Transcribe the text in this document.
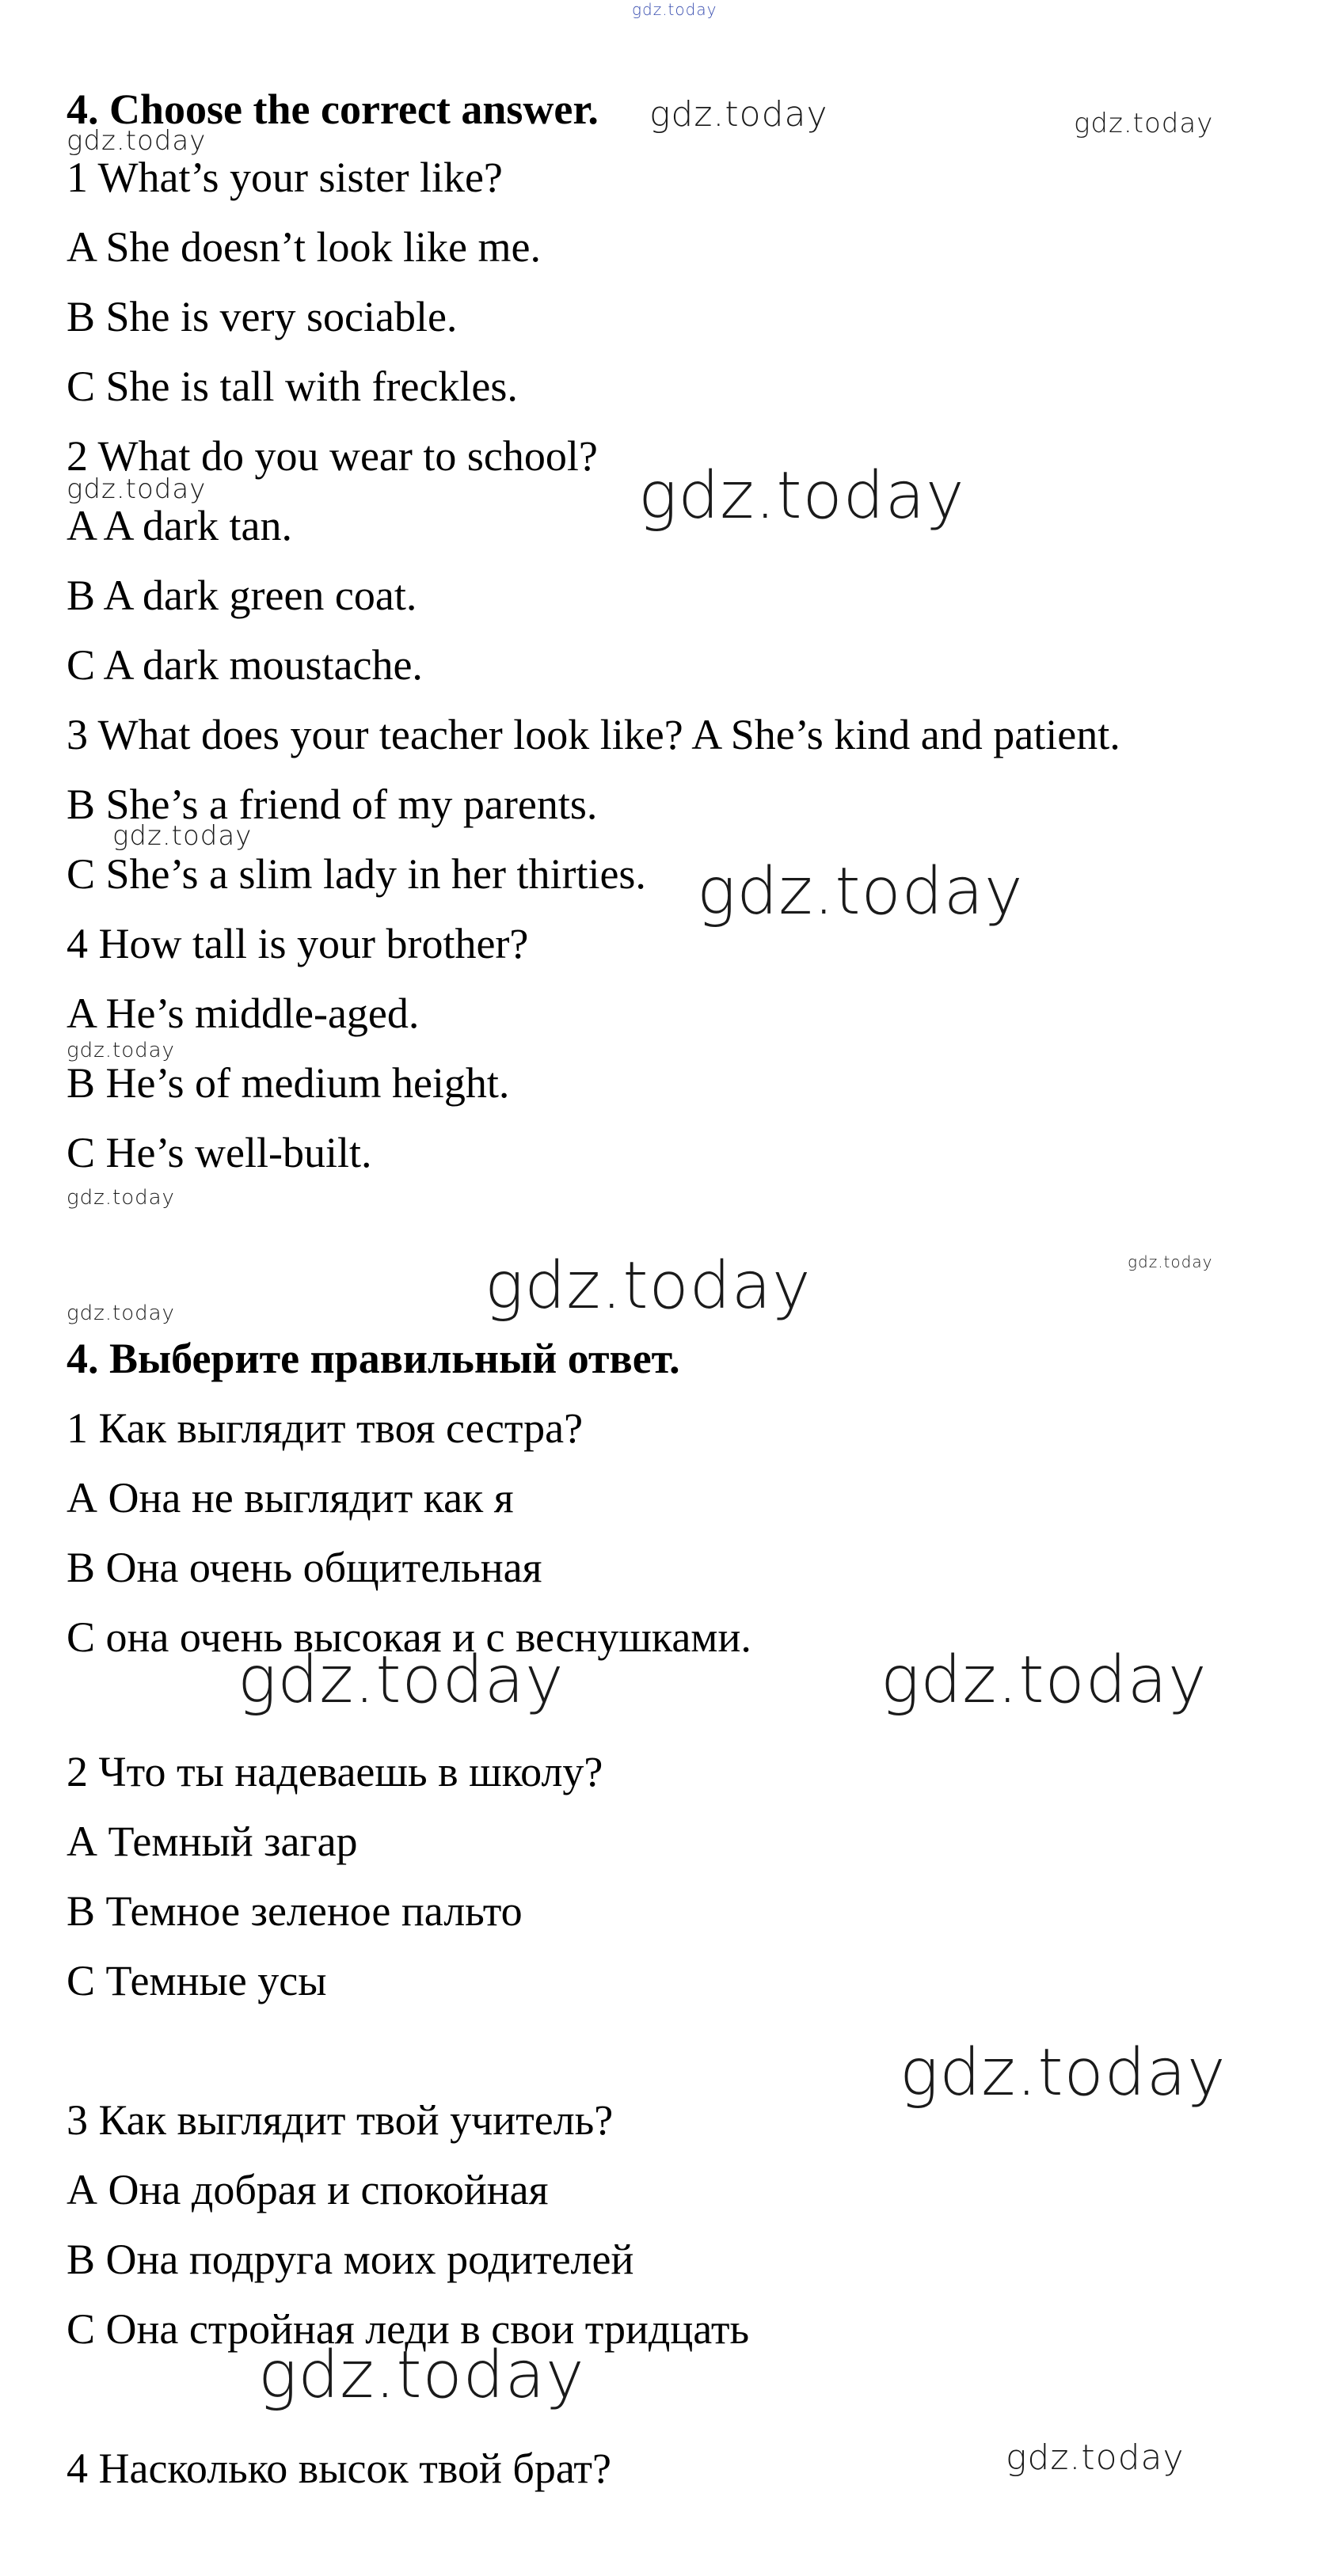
gdz.today
gdz.today	gdz.today
gdz.today
gdz.today	gdz.today
gdz.today
gdz.today
gdz.today
gdz.today
gdz.today	gdz.today
gdz.today
gdz.today	gdz.today
gdz.today
gdz.today
gdz.today
4. Choose the correct answer.
1 What’s your sister like?
A She doesn’t look like me.
B She is very sociable.
C She is tall with freckles.
2 What do you wear to school?
A A dark tan.
B A dark green coat.
C A dark moustache.
3 What does your teacher look like? A She’s kind and patient.
B She’s a friend of my parents.
C She’s a slim lady in her thirties.
4 How tall is your brother?
A He’s middle-aged.
B He’s of medium height.
C He’s well-built.
4. Выберите правильный ответ.
1 Как выглядит твоя сестра?
А Она не выглядит как я
В Она очень общительная
С она очень высокая и с веснушками.
2 Что ты надеваешь в школу?
А Темный загар
В Темное зеленое пальто
С Темные усы
3 Как выглядит твой учитель?
А Она добрая и спокойная
В Она подруга моих родителей
С Она стройная леди в свои тридцать
4 Насколько высок твой брат?
